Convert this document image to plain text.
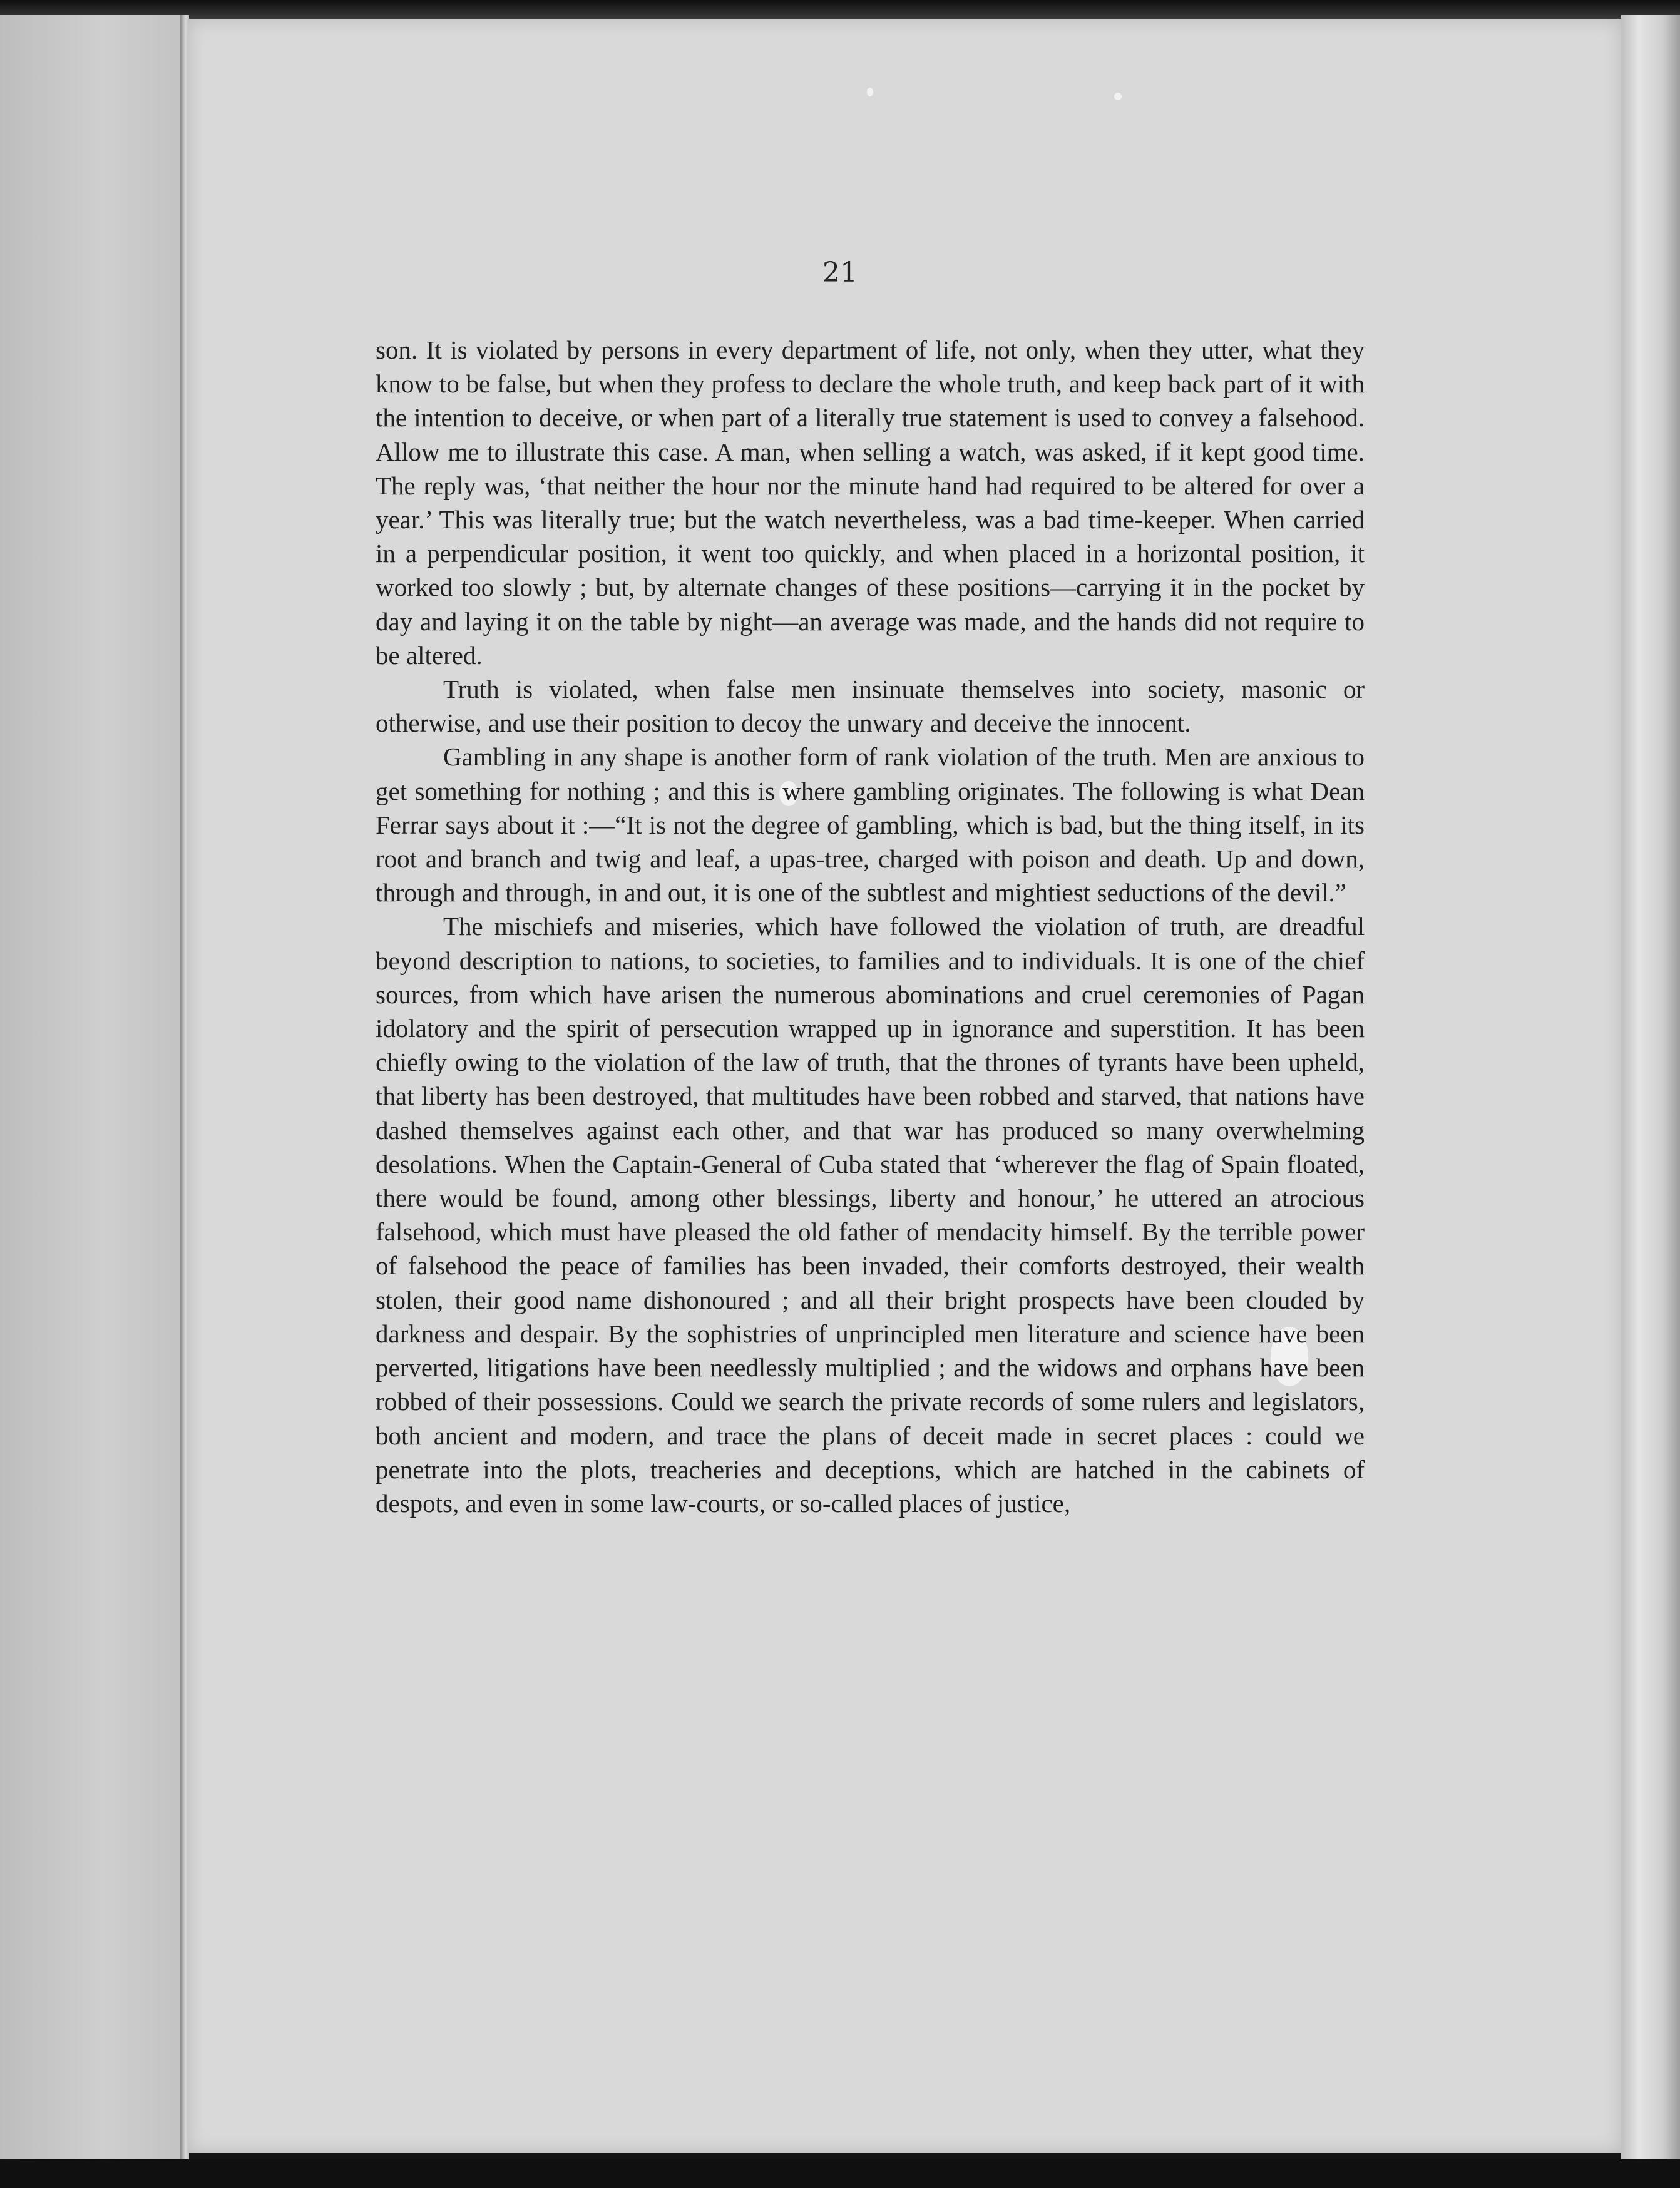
21

son. It is violated by persons in every department of life, not only, when they utter, what they know to be false, but when they profess to declare the whole truth, and keep back part of it with the intention to deceive, or when part of a literally true statement is used to convey a falsehood. Allow me to illustrate this case. A man, when selling a watch, was asked, if it kept good time. The reply was, ‘that neither the hour nor the minute hand had required to be altered for over a year.’ This was literally true; but the watch nevertheless, was a bad time-keeper. When carried in a perpendicular position, it went too quickly, and when placed in a horizontal position, it worked too slowly ; but, by alternate changes of these positions—carrying it in the pocket by day and laying it on the table by night—an average was made, and the hands did not require to be altered.

Truth is violated, when false men insinuate themselves into society, masonic or otherwise, and use their position to decoy the unwary and deceive the innocent.

Gambling in any shape is another form of rank violation of the truth. Men are anxious to get something for nothing ; and this is where gambling originates. The following is what Dean Ferrar says about it :—“It is not the degree of gambling, which is bad, but the thing itself, in its root and branch and twig and leaf, a upas-tree, charged with poison and death. Up and down, through and through, in and out, it is one of the subtlest and mightiest seductions of the devil.”

The mischiefs and miseries, which have followed the violation of truth, are dreadful beyond description to nations, to societies, to families and to individuals. It is one of the chief sources, from which have arisen the numerous abominations and cruel ceremonies of Pagan idolatory and the spirit of persecution wrapped up in ignorance and superstition. It has been chiefly owing to the violation of the law of truth, that the thrones of tyrants have been upheld, that liberty has been destroyed, that multitudes have been robbed and starved, that nations have dashed themselves against each other, and that war has produced so many overwhelming desolations. When the Captain-General of Cuba stated that ‘wherever the flag of Spain floated, there would be found, among other blessings, liberty and honour,’ he uttered an atrocious falsehood, which must have pleased the old father of mendacity himself. By the terrible power of falsehood the peace of families has been invaded, their comforts destroyed, their wealth stolen, their good name dishonoured ; and all their bright prospects have been clouded by darkness and despair. By the sophistries of unprincipled men literature and science have been perverted, litigations have been needlessly multiplied ; and the widows and orphans have been robbed of their possessions. Could we search the private records of some rulers and legislators, both ancient and modern, and trace the plans of deceit made in secret places : could we penetrate into the plots, treacheries and deceptions, which are hatched in the cabinets of despots, and even in some law-courts, or so-called places of justice,
